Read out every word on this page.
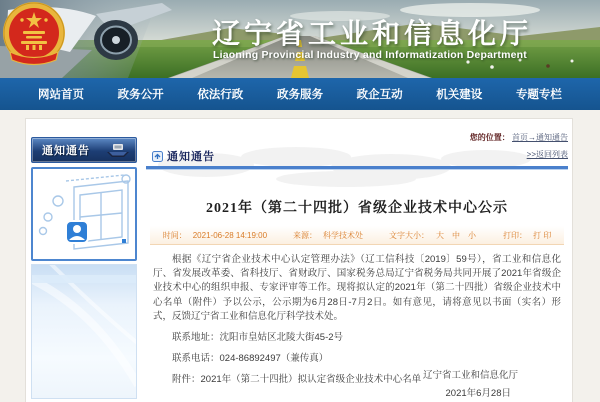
辽宁省工业和信息化厅
Liaoning Provincial Industry and Informatization Department
网站首页	政务公开	依法行政	政务服务	政企互动	机关建设	专题专栏
通知通告
您的位置： 首页→通知通告
>>返回列表
通知通告
2021年（第二十四批）省级企业技术中心公示
时间： 2021-06-28 14:19:00	来源： 科学技术处	文字大小： 大 中 小	打印： 打 印

根据《辽宁省企业技术中心认定管理办法》（辽工信科技〔2019〕59号），省工业和信息化厅、省发展改革委、省科技厅、省财政厅、国家税务总局辽宁省税务局共同开展了2021年省级企业技术中心的组织申报、专家评审等工作。现将拟认定的2021年（第二十四批）省级企业技术中心名单（附件）予以公示，公示期为6月28日-7月2日。如有意见，请将意见以书面（实名）形式，反馈辽宁省工业和信息化厅科学技术处。

联系地址：沈阳市皇姑区北陵大街45-2号

联系电话：024-86892497（兼传真）

附件：2021年（第二十四批）拟认定省级企业技术中心名单 辽宁省工业和信息化厅
2021年6月28日
